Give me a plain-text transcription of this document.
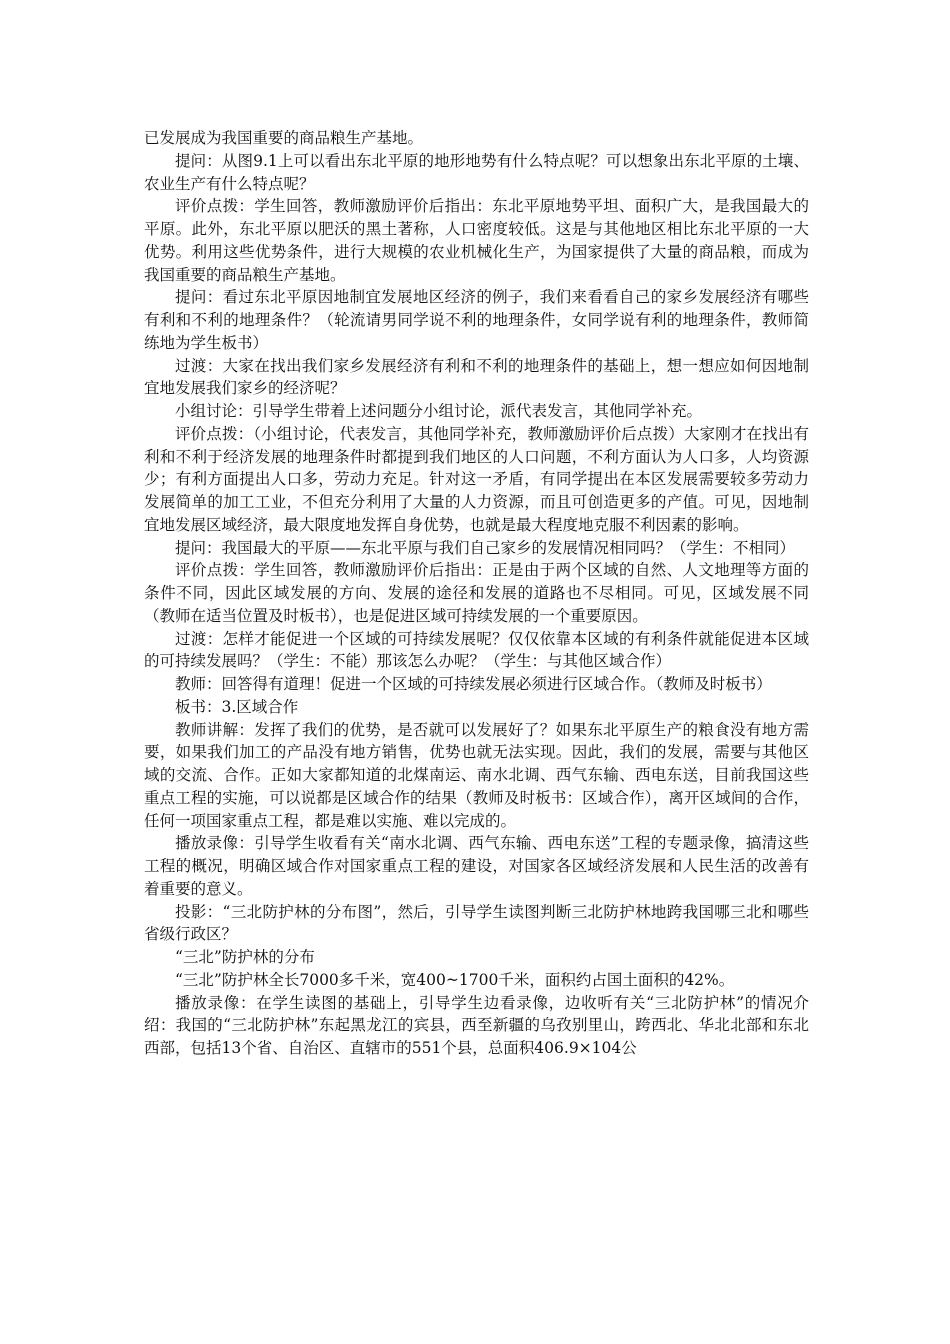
已发展成为我国重要的商品粮生产基地。

提问：从图9.1上可以看出东北平原的地形地势有什么特点呢？可以想象出东北平原的土壤、农业生产有什么特点呢？

评价点拨：学生回答，教师激励评价后指出：东北平原地势平坦、面积广大，是我国最大的平原。此外，东北平原以肥沃的黑土著称，人口密度较低。这是与其他地区相比东北平原的一大优势。利用这些优势条件，进行大规模的农业机械化生产，为国家提供了大量的商品粮，而成为我国重要的商品粮生产基地。

提问：看过东北平原因地制宜发展地区经济的例子，我们来看看自己的家乡发展经济有哪些有利和不利的地理条件？（轮流请男同学说不利的地理条件，女同学说有利的地理条件，教师简练地为学生板书）

过渡：大家在找出我们家乡发展经济有利和不利的地理条件的基础上，想一想应如何因地制宜地发展我们家乡的经济呢？

小组讨论：引导学生带着上述问题分小组讨论，派代表发言，其他同学补充。

评价点拨：（小组讨论，代表发言，其他同学补充，教师激励评价后点拨）大家刚才在找出有利和不利于经济发展的地理条件时都提到我们地区的人口问题，不利方面认为人口多，人均资源少；有利方面提出人口多，劳动力充足。针对这一矛盾，有同学提出在本区发展需要较多劳动力发展简单的加工工业，不但充分利用了大量的人力资源，而且可创造更多的产值。可见，因地制宜地发展区域经济，最大限度地发挥自身优势，也就是最大程度地克服不利因素的影响。

提问：我国最大的平原——东北平原与我们自己家乡的发展情况相同吗？（学生：不相同）

评价点拨：学生回答，教师激励评价后指出：正是由于两个区域的自然、人文地理等方面的条件不同，因此区域发展的方向、发展的途径和发展的道路也不尽相同。可见，区域发展不同（教师在适当位置及时板书），也是促进区域可持续发展的一个重要原因。

过渡：怎样才能促进一个区域的可持续发展呢？仅仅依靠本区域的有利条件就能促进本区域的可持续发展吗？（学生：不能）那该怎么办呢？（学生：与其他区域合作）

教师：回答得有道理！促进一个区域的可持续发展必须进行区域合作。（教师及时板书）

板书：3.区域合作

教师讲解：发挥了我们的优势，是否就可以发展好了？如果东北平原生产的粮食没有地方需要，如果我们加工的产品没有地方销售，优势也就无法实现。因此，我们的发展，需要与其他区域的交流、合作。正如大家都知道的北煤南运、南水北调、西气东输、西电东送，目前我国这些重点工程的实施，可以说都是区域合作的结果（教师及时板书：区域合作），离开区域间的合作，任何一项国家重点工程，都是难以实施、难以完成的。

播放录像：引导学生收看有关“南水北调、西气东输、西电东送”工程的专题录像，搞清这些工程的概况，明确区域合作对国家重点工程的建设，对国家各区域经济发展和人民生活的改善有着重要的意义。

投影：“三北防护林的分布图”，然后，引导学生读图判断三北防护林地跨我国哪三北和哪些省级行政区？

“三北”防护林的分布

“三北”防护林全长7000多千米，宽400~1700千米，面积约占国土面积的42%。

播放录像：在学生读图的基础上，引导学生边看录像，边收听有关“三北防护林”的情况介绍：我国的“三北防护林”东起黑龙江的宾县，西至新疆的乌孜别里山，跨西北、华北北部和东北西部，包括13个省、自治区、直辖市的551个县，总面积406.9×104公
